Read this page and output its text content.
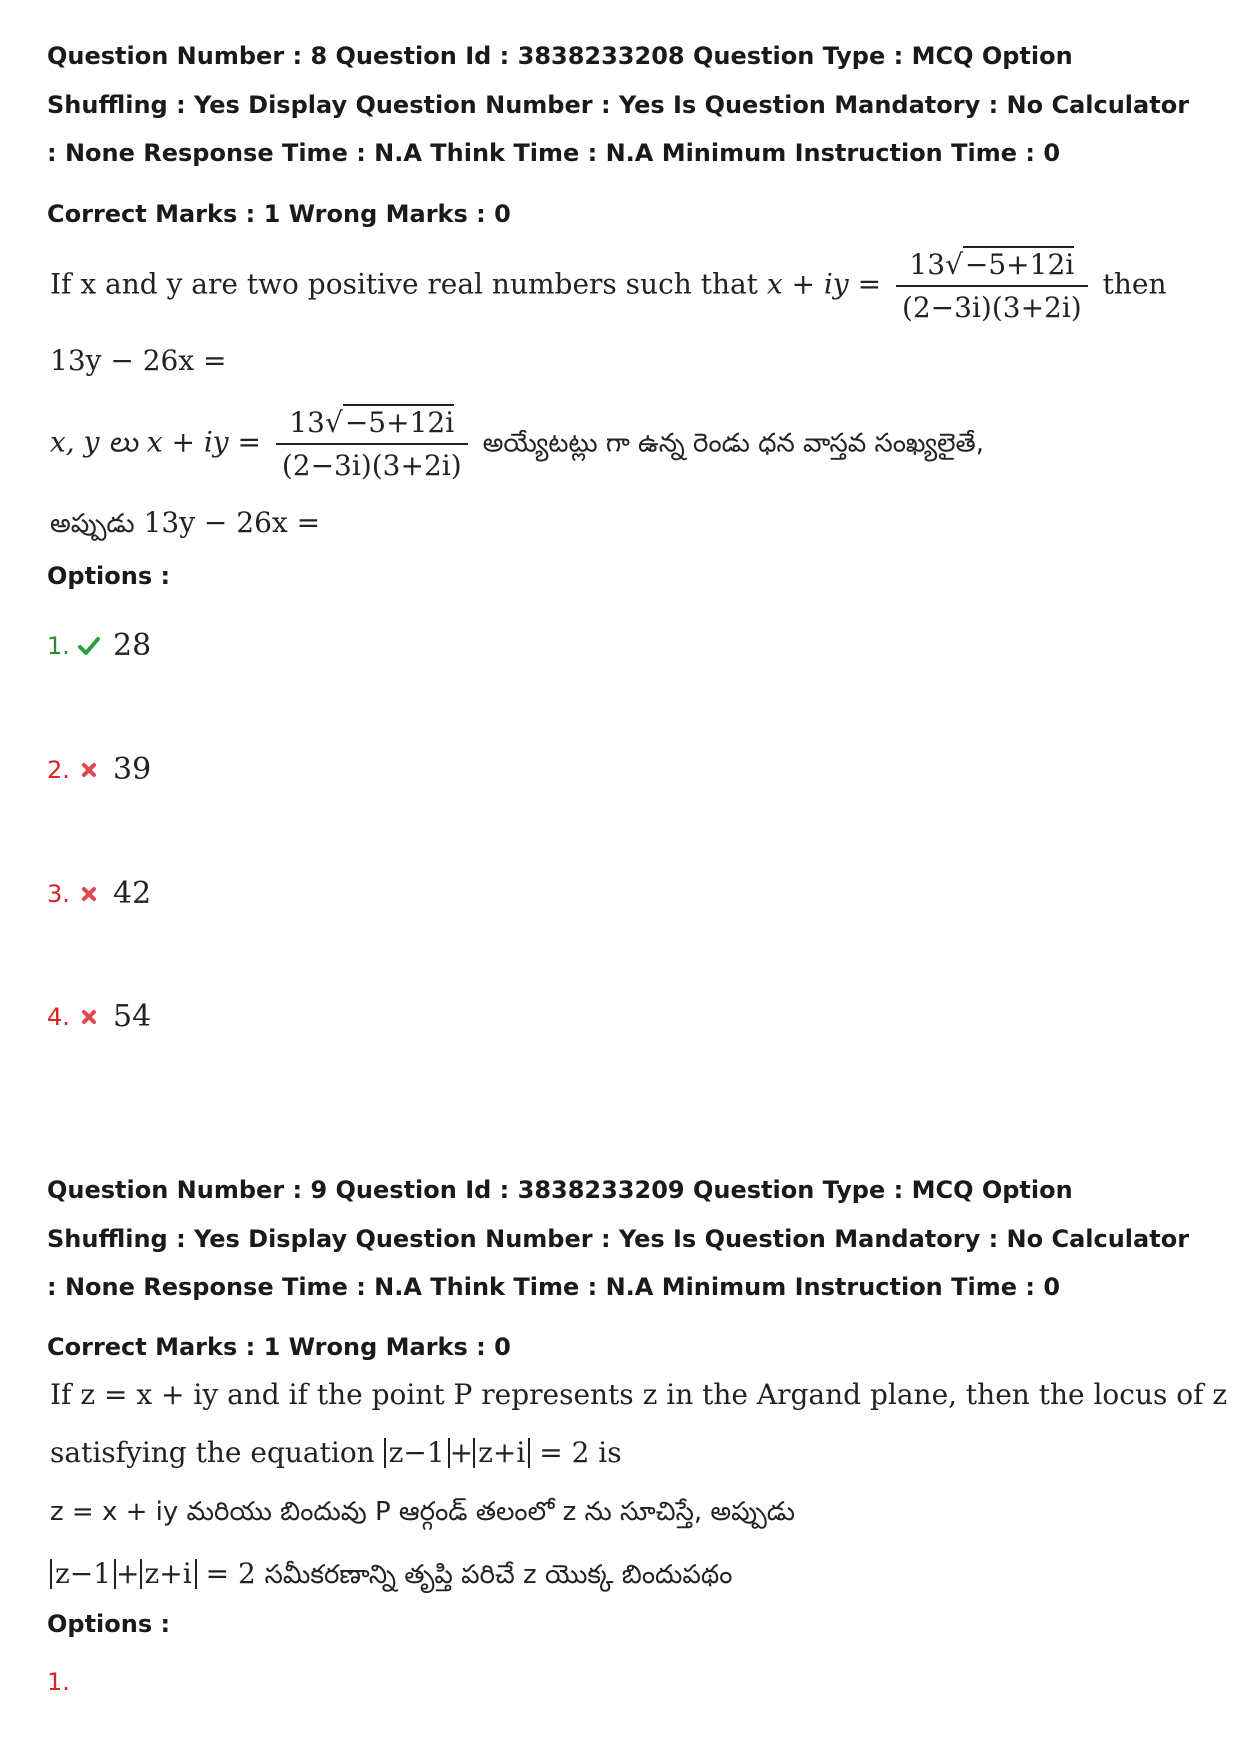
Question Number : 8 Question Id : 3838233208 Question Type : MCQ Option Shuffling : Yes Display Question Number : Yes Is Question Mandatory : No Calculator : None Response Time : N.A Think Time : N.A Minimum Instruction Time : 0
Correct Marks : 1 Wrong Marks : 0
If x and y are two positive real numbers such that x + iy = $\frac{13√-5+12i}{(2-3i)(3+2i)}$ then
13y − 26x =
x, y లు x + iy = $\frac{13√-5+12i}{(2-3i)(3+2i)}$ అయ్యేటట్లు గా ఉన్న రెండు ధన వాస్తవ సంఖ్యలైతే,
అప్పుడు 13y − 26x =
Options :
1. 28
2. 39
3. 42
4. 54
Question Number : 9 Question Id : 3838233209 Question Type : MCQ Option Shuffling : Yes Display Question Number : Yes Is Question Mandatory : No Calculator : None Response Time : N.A Think Time : N.A Minimum Instruction Time : 0
Correct Marks : 1 Wrong Marks : 0
If z = x + iy and if the point P represents z in the Argand plane, then the locus of z
satisfying the equation z−1 + z+i = 2 is
z = x + iy మరియు బిందువు P ఆర్గండ్ తలంలో z ను సూచిస్తే, అప్పుడు
z−1 + z+i = 2 సమీకరణాన్ని తృప్తి పరిచే z యొక్క బిందుపథం
Options :
1.
